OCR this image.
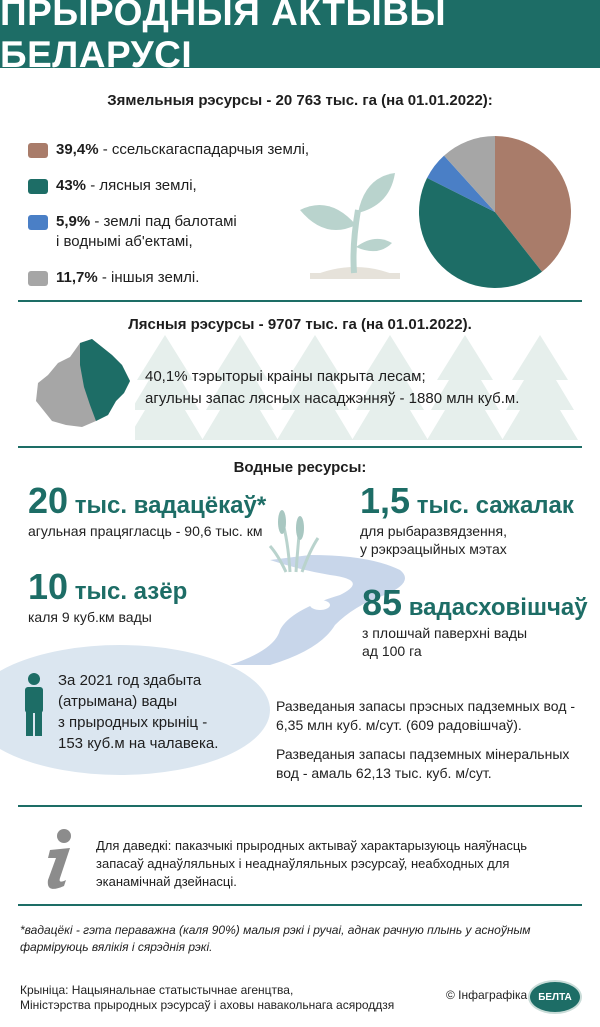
ПРЫРОДНЫЯ АКТЫВЫ БЕЛАРУСІ
Зямельныя рэсурсы - 20 763 тыс. га (на 01.01.2022):
39,4% - ссельскагаспадарчыя землі,
43% - лясныя землі,
5,9% - землі пад балотамі
і воднымі аб'ектамі,
11,7% - іншыя землі.
Лясныя рэсурсы - 9707 тыс. га (на 01.01.2022).
40,1% тэрыторыі краіны пакрыта лесам;
агульны запас лясных насаджэнняў - 1880 млн куб.м.
Водные ресурсы:
20 тыс. вадацёкаў*
агульная працягласць - 90,6 тыс. км
1,5 тыс. сажалак
для рыбаразвядзення,
у рэкрэацыйных мэтах
10 тыс. азёр
каля 9 куб.км вады	85 вадасховішчаў
з плошчай паверхні вады
ад 100 га
За 2021 год здабыта
(атрымана) вады
з прыродных крыніц -
153 куб.м на чалавека.
Разведаныя запасы прэсных падземных вод -
6,35 млн куб. м/сут. (609 радовішчаў).
Разведаныя запасы падземных мінеральных
вод - амаль 62,13 тыс. куб. м/сут.
Для даведкі: паказчыкі прыродных актываў характарызуюць наяўнасць
запасаў аднаўляльных і неаднаўляльных рэсурсаў, неабходных для
эканамічнай дзейнасці.
*вадацёкі - гэта пераважна (каля 90%) малыя рэкі і ручаі, аднак рачную плынь у асноўным
фарміруюць вялікія і сярэднія рэкі.
Крыніца: Нацыянальнае статыстычнае агенцтва,
Міністэрства прыродных рэсурсаў і аховы навакольнага асяроддзя
© Інфаграфіка БЕЛТА
